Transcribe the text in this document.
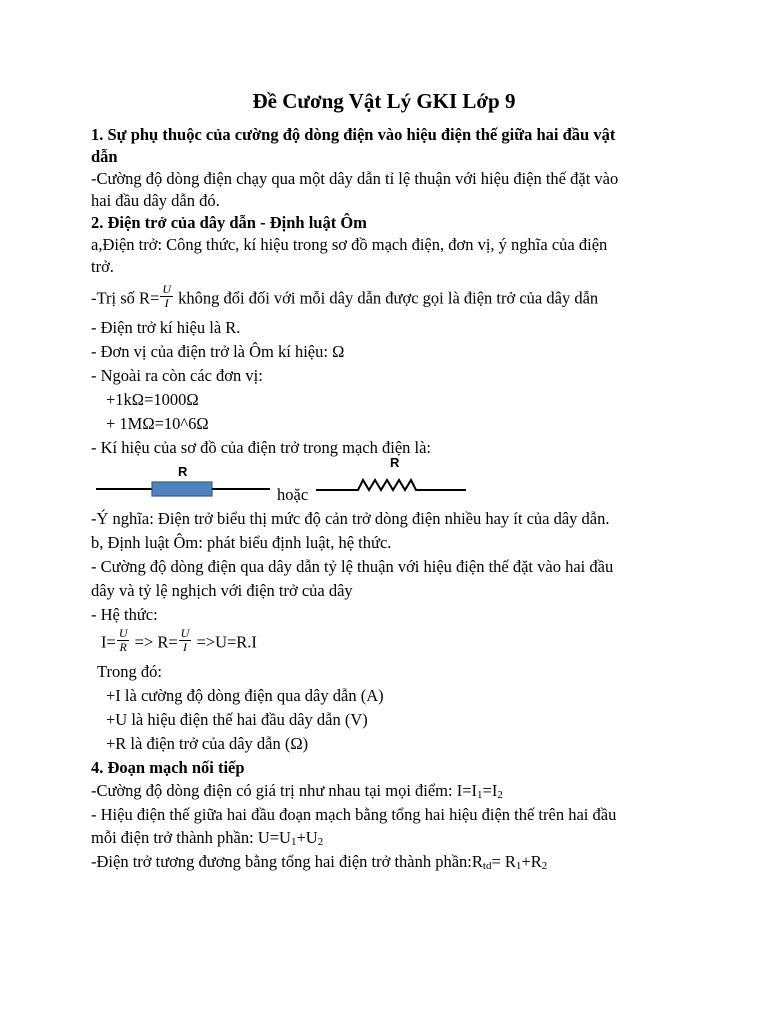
Đề Cương Vật Lý GKI Lớp 9
1. Sự phụ thuộc của cường độ dòng điện vào hiệu điện thế giữa hai đầu vật
dẫn
-Cường độ dòng điện chạy qua một dây dẫn tỉ lệ thuận với hiệu điện thế đặt vào
hai đầu dây dẫn đó.
2. Điện trở của dây dẫn - Định luật Ôm
a,Điện trở: Công thức, kí hiệu trong sơ đồ mạch điện, đơn vị, ý nghĩa của điện
trở.
-Trị số $R= \frac{U}{I}$ không đổi đối với mỗi dây dẫn được gọi là điện trở của dây dẫn
- Điện trở kí hiệu là R.
- Đơn vị của điện trở là Ôm kí hiệu: Ω
- Ngoài ra còn các đơn vị:
+1kΩ=1000Ω
+ 1MΩ=10^6Ω
- Kí hiệu của sơ đồ của điện trở trong mạch điện là:
R
hoặc
R
-Ý nghĩa: Điện trở biểu thị mức độ cản trở dòng điện nhiều hay ít của dây dẫn.
b, Định luật Ôm: phát biểu định luật, hệ thức.
- Cường độ dòng điện qua dây dẫn tỷ lệ thuận với hiệu điện thế đặt vào hai đầu
dây và tỷ lệ nghịch với điện trở của dây
- Hệ thức:
$I= \frac{U}{R} => R= \frac{U}{I} =>U=R.I$
Trong đó:
+I là cường độ dòng điện qua dây dẫn (A)
+U là hiệu điện thế hai đầu dây dẫn (V)
+R là điện trở của dây dẫn (Ω)
4. Đoạn mạch nối tiếp
-Cường độ dòng điện có giá trị như nhau tại mọi điểm: I=I1=I2
- Hiệu điện thế giữa hai đầu đoạn mạch bằng tổng hai hiệu điện thế trên hai đầu
mỗi điện trở thành phần: U=U1+U2
-Điện trở tương đương bằng tổng hai điện trở thành phần:Rtd= R1+R2
